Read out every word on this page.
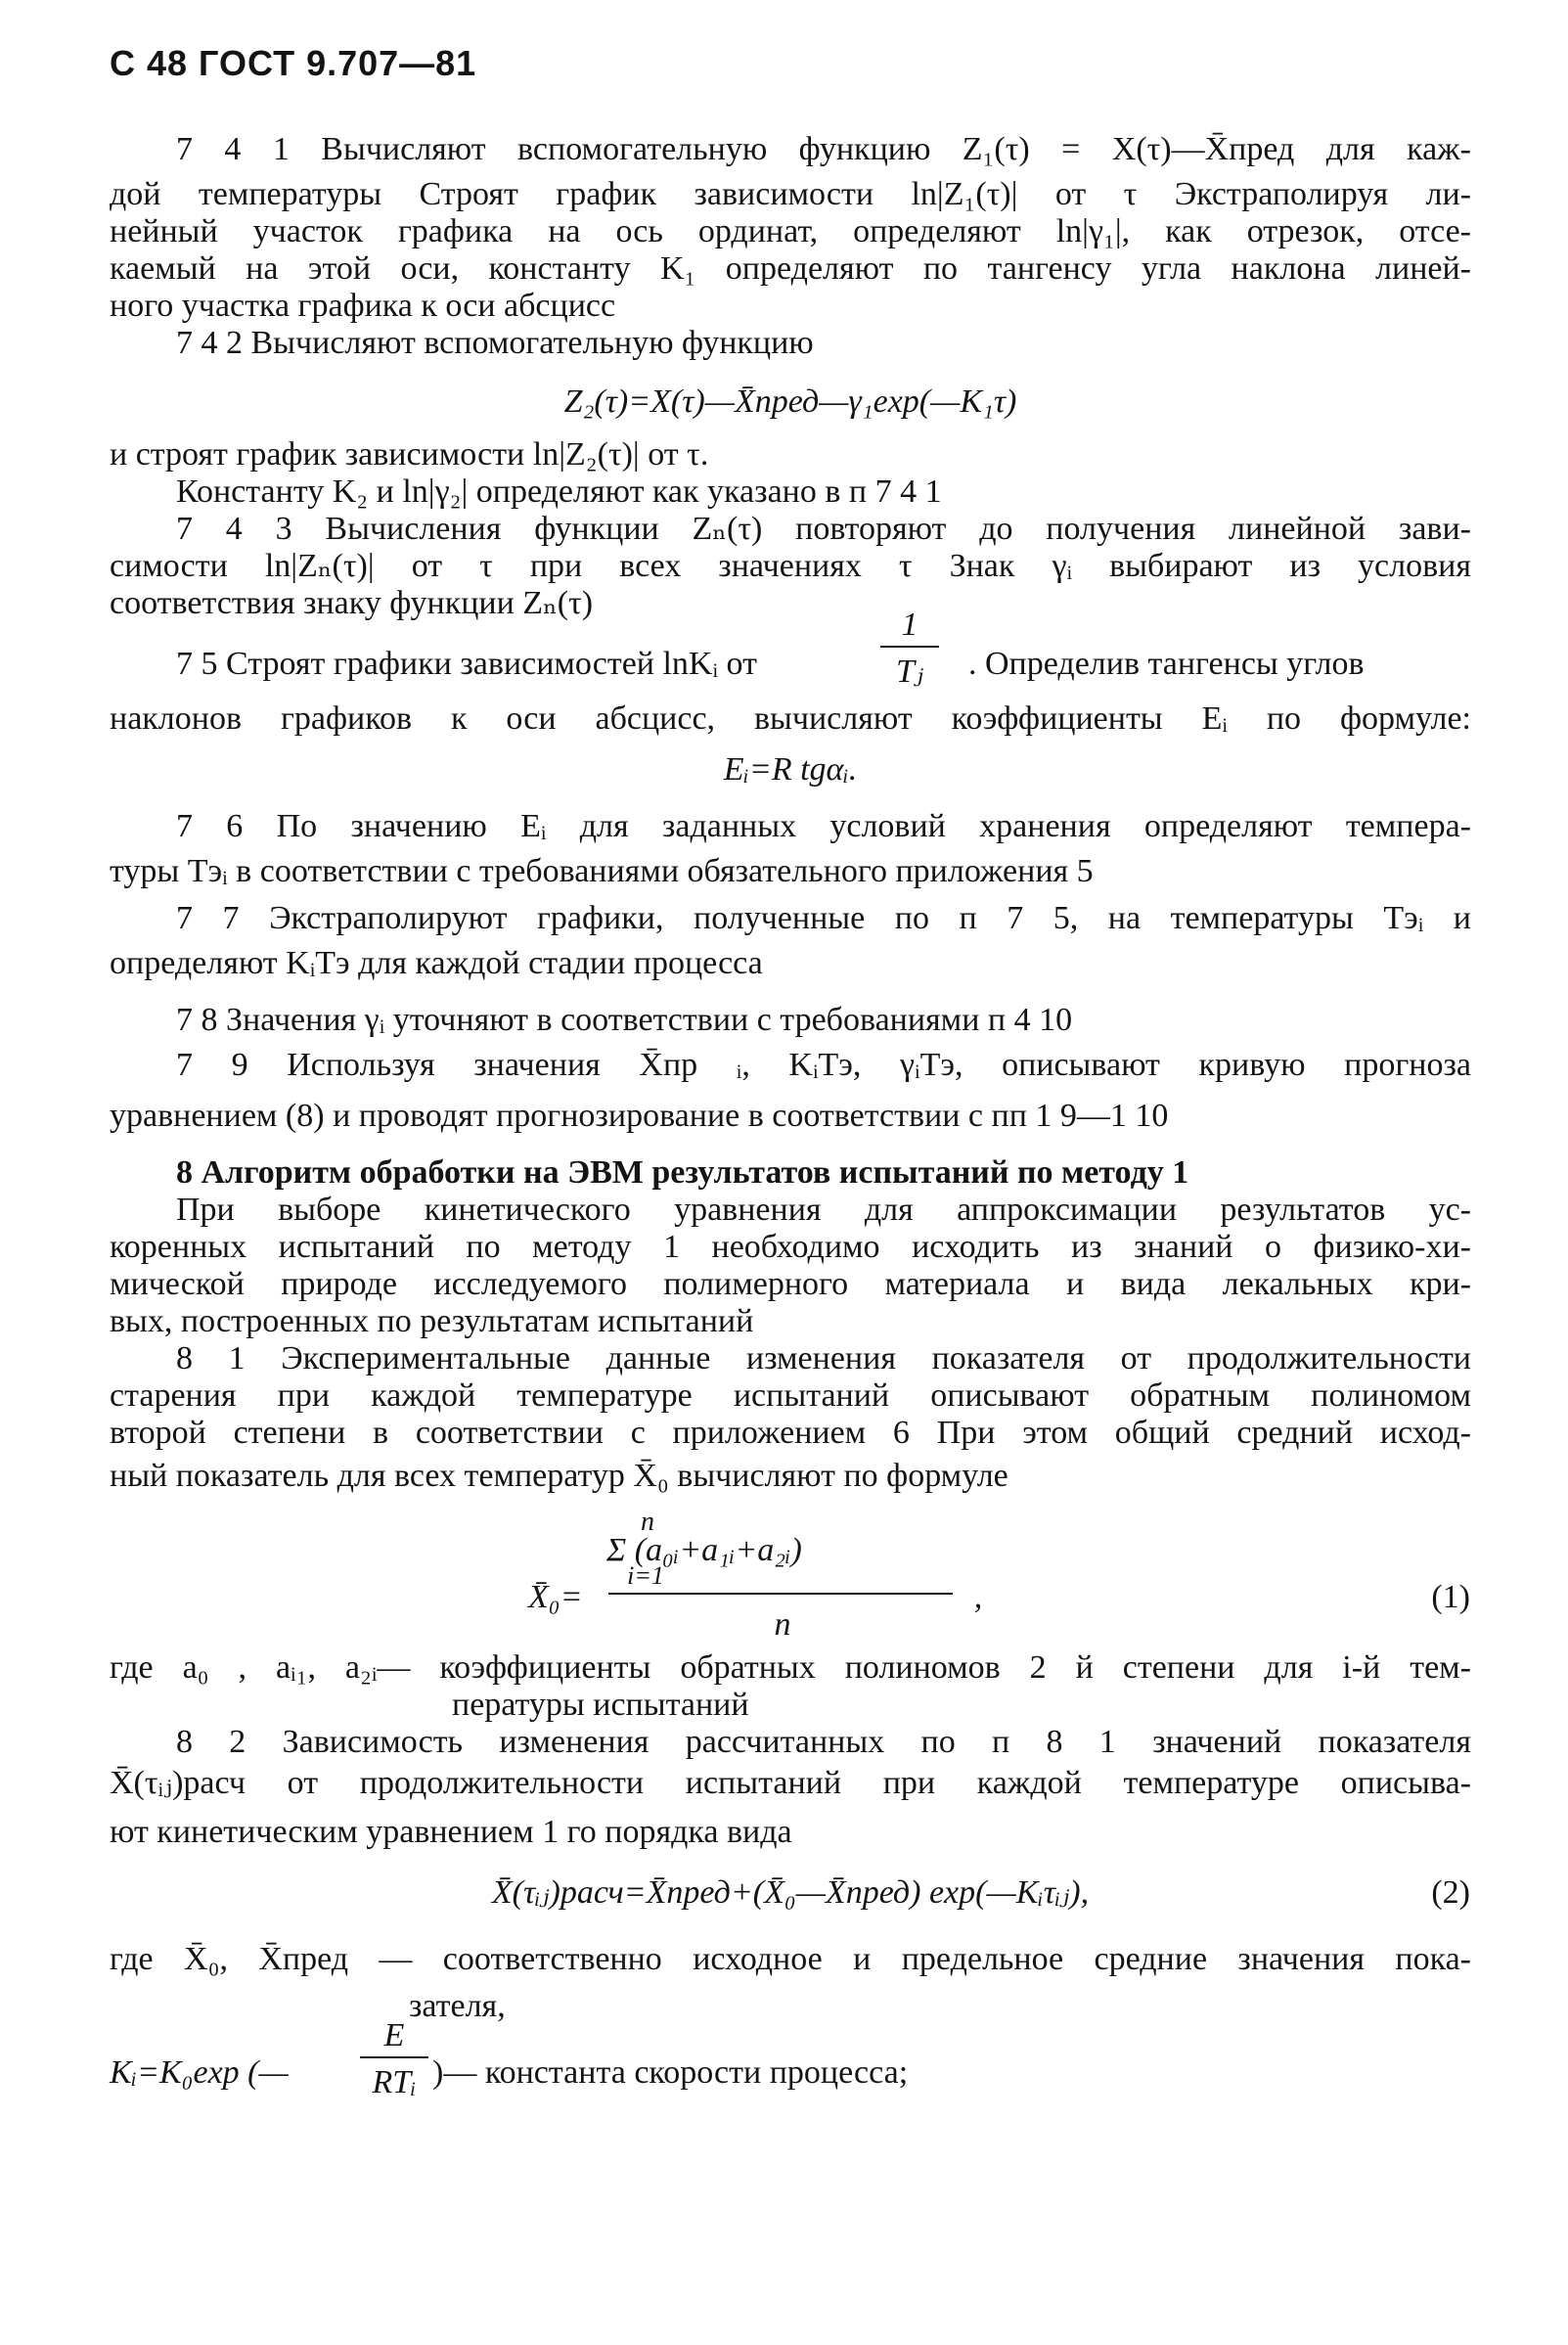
С 48 ГОСТ 9.707—81
7 4 1 Вычисляют вспомогательную функцию Z₁(τ) = X(τ)—X̄пред для каж-
дой температуры Строят график зависимости ln|Z₁(τ)| от τ Экстраполируя ли-
нейный участок графика на ось ординат, определяют ln|γ₁|, как отрезок, отсе-
каемый на этой оси, константу K₁ определяют по тангенсу угла наклона линей-
ного участка графика к оси абсцисс
7 4 2 Вычисляют вспомогательную функцию
Z₂(τ)=X(τ)—X̄пред—γ₁exp(—K₁τ)
и строят график зависимости ln|Z₂(τ)| от τ.
Константу K₂ и ln|γ₂| определяют как указано в п 7 4 1
7 4 3 Вычисления функции Zₙ(τ) повторяют до получения линейной зави-
симости ln|Zₙ(τ)| от τ при всех значениях τ Знак γᵢ выбирают из условия
соответствия знаку функции Zₙ(τ)
7 5 Строят графики зависимостей lnKᵢ от
1
Tⱼ	. Определив тангенсы углов
наклонов графиков к оси абсцисс, вычисляют коэффициенты Eᵢ по формуле:
Eᵢ=R tgαᵢ.
7 6 По значению Eᵢ для заданных условий хранения определяют темпера-
туры Tэᵢ в соответствии с требованиями обязательного приложения 5
7 7 Экстраполируют графики, полученные по п 7 5, на температуры Tэᵢ и
определяют KᵢTэ для каждой стадии процесса
7 8 Значения γᵢ уточняют в соответствии с требованиями п 4 10
7 9 Используя значения X̄пр ᵢ, KᵢTэ, γᵢTэ, описывают кривую прогноза
уравнением (8) и проводят прогнозирование в соответствии с пп 1 9—1 10
8 Алгоритм обработки на ЭВМ результатов испытаний по методу 1
При выборе кинетического уравнения для аппроксимации результатов ус-
коренных испытаний по методу 1 необходимо исходить из знаний о физико-хи-
мической природе исследуемого полимерного материала и вида лекальных кри-
вых, построенных по результатам испытаний
8 1 Экспериментальные данные изменения показателя от продолжительности
старения при каждой температуре испытаний описывают обратным полиномом
второй степени в соответствии с приложением 6 При этом общий средний исход-
ный показатель для всех температур X̄₀ вычисляют по формуле
n
Σ (a₀ᵢ+a₁ᵢ+a₂ᵢ)
i=1
X̄₀=
n
,	(1)
где a₀ , aᵢ₁, a₂ᵢ— коэффициенты обратных полиномов 2 й степени для i-й тем-
пературы испытаний
8 2 Зависимость изменения рассчитанных по п 8 1 значений показателя
X̄(τᵢⱼ)расч от продолжительности испытаний при каждой температуре описыва-
ют кинетическим уравнением 1 го порядка вида
X̄(τᵢⱼ)расч=X̄пред+(X̄₀—X̄пред) exp(—Kᵢτᵢⱼ),	(2)
где X̄₀, X̄пред — соответственно исходное и предельное средние значения пока-
зателя,
Kᵢ=K₀exp (—
E
RTᵢ )— константа скорости процесса;
